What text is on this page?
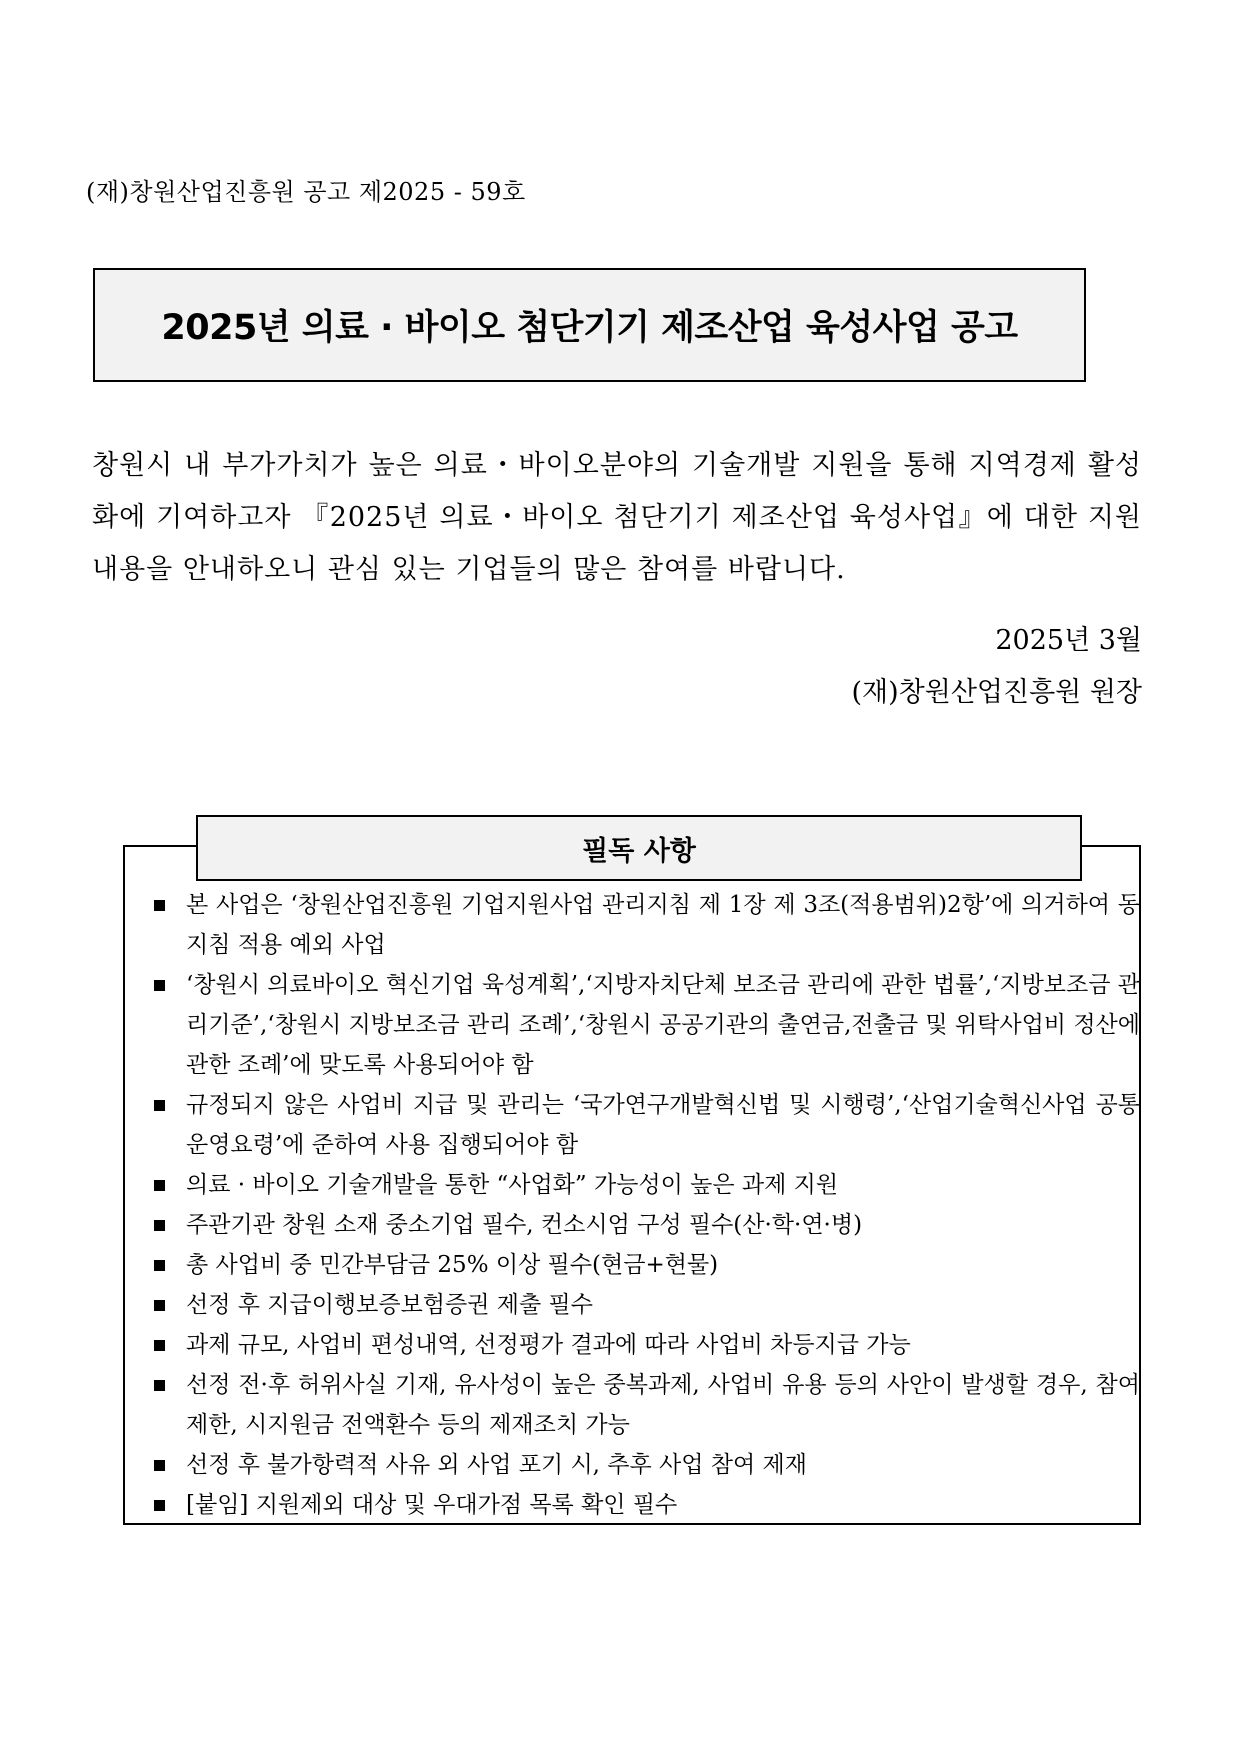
(재)창원산업진흥원 공고 제2025 - 59호
2025년 의료 · 바이오 첨단기기 제조산업 육성사업 공고

창원시 내 부가가치가 높은 의료・바이오분야의 기술개발 지원을 통해 지역경제 활성화에 기여하고자 『2025년 의료・바이오 첨단기기 제조산업 육성사업』에 대한 지원내용을 안내하오니 관심 있는 기업들의 많은 참여를 바랍니다.

2025년 3월
(재)창원산업진흥원 원장
필독 사항
본 사업은 ‘창원산업진흥원 기업지원사업 관리지침 제 1장 제 3조(적용범위)2항’에 의거하여 동지침 적용 예외 사업
‘창원시 의료바이오 혁신기업 육성계획’,‘지방자치단체 보조금 관리에 관한 법률’,‘지방보조금 관리기준’,‘창원시 지방보조금 관리 조례’,‘창원시 공공기관의 출연금,전출금 및 위탁사업비 정산에 관한 조례’에 맞도록 사용되어야 함
규정되지 않은 사업비 지급 및 관리는 ‘국가연구개발혁신법 및 시행령’,‘산업기술혁신사업 공통 운영요령’에 준하여 사용 집행되어야 함
의료 · 바이오 기술개발을 통한 “사업화” 가능성이 높은 과제 지원
주관기관 창원 소재 중소기업 필수, 컨소시엄 구성 필수(산·학·연·병)
총 사업비 중 민간부담금 25% 이상 필수(현금+현물)
선정 후 지급이행보증보험증권 제출 필수
과제 규모, 사업비 편성내역, 선정평가 결과에 따라 사업비 차등지급 가능
선정 전·후 허위사실 기재, 유사성이 높은 중복과제, 사업비 유용 등의 사안이 발생할 경우, 참여제한, 시지원금 전액환수 등의 제재조치 가능
선정 후 불가항력적 사유 외 사업 포기 시, 추후 사업 참여 제재
[붙임] 지원제외 대상 및 우대가점 목록 확인 필수
